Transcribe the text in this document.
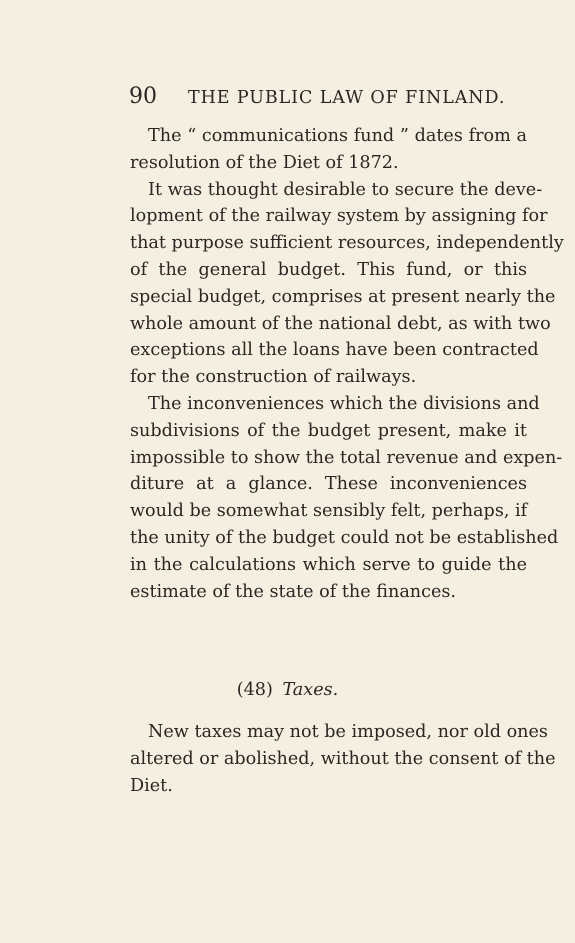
90 THE PUBLIC LAW OF FINLAND.
The “ communications fund ” dates from a
resolution of the Diet of 1872.
It was thought desirable to secure the deve-
lopment of the railway system by assigning for
that purpose sufficient resources, independently
of the general budget. This fund, or this
special budget, comprises at present nearly the
whole amount of the national debt, as with two
exceptions all the loans have been contracted
for the construction of railways.
The inconveniences which the divisions and
subdivisions of the budget present, make it
impossible to show the total revenue and expen-
diture at a glance. These inconveniences
would be somewhat sensibly felt, perhaps, if
the unity of the budget could not be established
in the calculations which serve to guide the
estimate of the state of the finances.
(48) Taxes.
New taxes may not be imposed, nor old ones
altered or abolished, without the consent of the
Diet.
